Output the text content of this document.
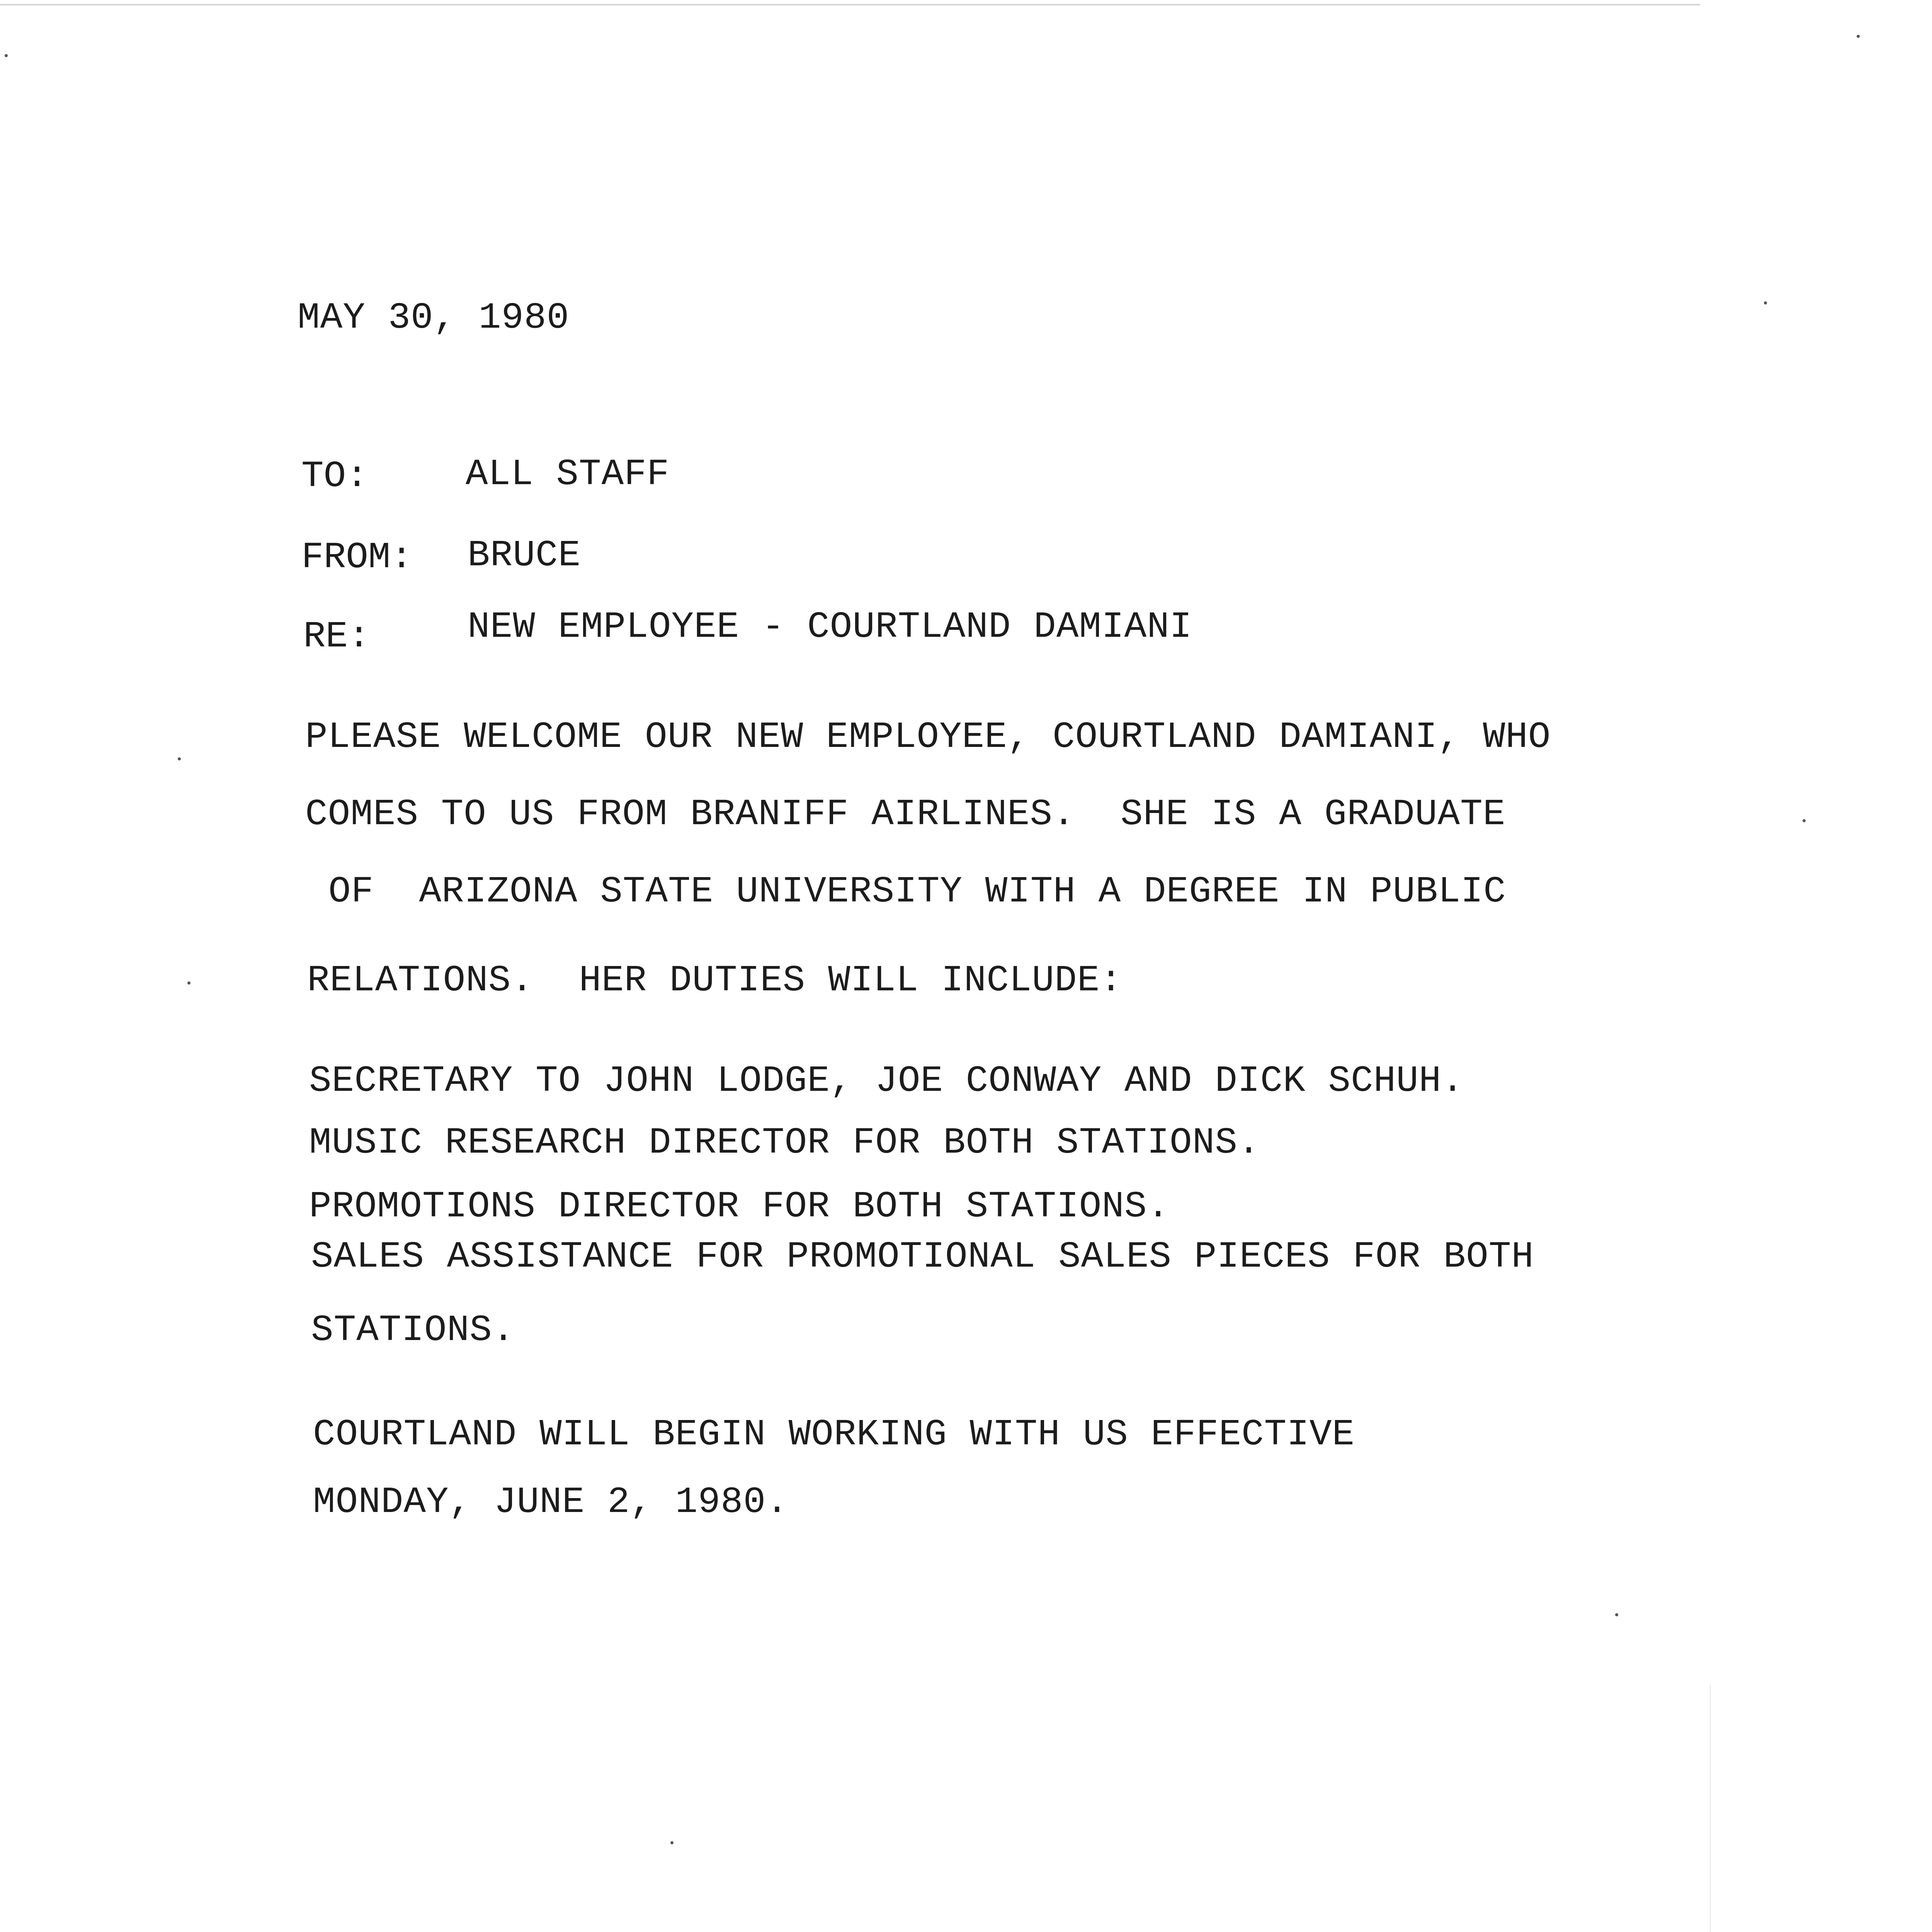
MAY 30, 1980
TO:	ALL STAFF
FROM: BRUCE
RE:	NEW EMPLOYEE - COURTLAND DAMIANI
PLEASE WELCOME OUR NEW EMPLOYEE, COURTLAND DAMIANI, WHO
COMES TO US FROM BRANIFF AIRLINES.  SHE IS A GRADUATE
OF  ARIZONA STATE UNIVERSITY WITH A DEGREE IN PUBLIC
RELATIONS.  HER DUTIES WILL INCLUDE:
SECRETARY TO JOHN LODGE, JOE CONWAY AND DICK SCHUH.
MUSIC RESEARCH DIRECTOR FOR BOTH STATIONS.
PROMOTIONS DIRECTOR FOR BOTH STATIONS.
SALES ASSISTANCE FOR PROMOTIONAL SALES PIECES FOR BOTH
STATIONS.
COURTLAND WILL BEGIN WORKING WITH US EFFECTIVE
MONDAY, JUNE 2, 1980.
